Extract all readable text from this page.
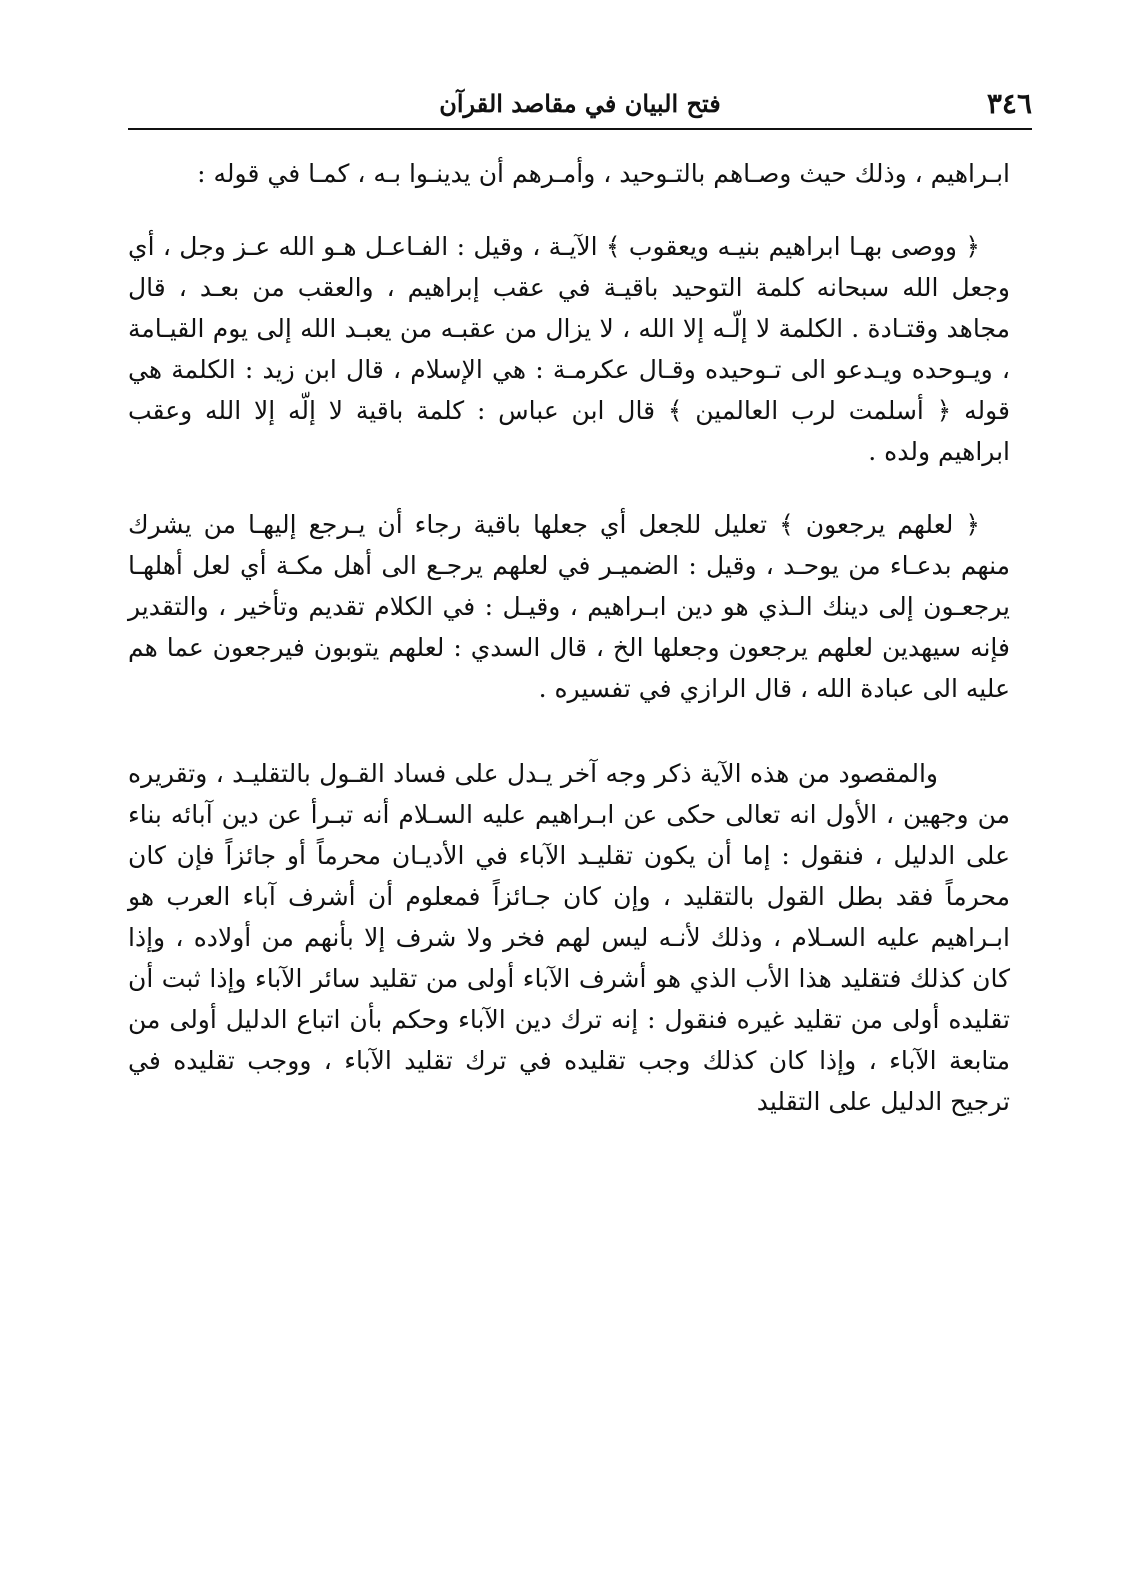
٣٤٦
فتح البيان في مقاصد القرآن

ابـراهيم ، وذلك حيث وصـاهم بالتـوحيد ، وأمـرهم أن يدينـوا بـه ، كمـا في قوله :

﴿ ووصى بهـا ابراهيم بنيـه ويعقوب ﴾ الآيـة ، وقيل : الفـاعـل هـو الله عـز وجل ، أي وجعل الله سبحانه كلمة التوحيد باقيـة في عقب إبراهيم ، والعقب من بعـد ، قال مجاهد وقتـادة . الكلمة لا إلّـه إلا الله ، لا يزال من عقبـه من يعبـد الله إلى يوم القيـامة ، ويـوحده ويـدعو الى تـوحيده وقـال عكرمـة : هي الإسلام ، قال ابن زيد : الكلمة هي قوله ﴿ أسلمت لرب العالمين ﴾ قال ابن عباس : كلمة باقية لا إلّه إلا الله وعقب ابراهيم ولده .

﴿ لعلهم يرجعون ﴾ تعليل للجعل أي جعلها باقية رجاء أن يـرجع إليهـا من يشرك منهم بدعـاء من يوحـد ، وقيل : الضميـر في لعلهم يرجـع الى أهل مكـة أي لعل أهلهـا يرجعـون إلى دينك الـذي هو دين ابـراهيم ، وقيـل : في الكلام تقديم وتأخير ، والتقدير فإنه سيهدين لعلهم يرجعون وجعلها الخ ، قال السدي : لعلهم يتوبون فيرجعون عما هم عليه الى عبادة الله ، قال الرازي في تفسيره .

والمقصود من هذه الآية ذكر وجه آخر يـدل على فساد القـول بالتقليـد ، وتقريره من وجهين ، الأول انه تعالى حكى عن ابـراهيم عليه السـلام أنه تبـرأ عن دين آبائه بناء على الدليل ، فنقول : إما أن يكون تقليـد الآباء في الأديـان محرماً أو جائزاً فإن كان محرماً فقد بطل القول بالتقليد ، وإن كان جـائزاً فمعلوم أن أشرف آباء العرب هو ابـراهيم عليه السـلام ، وذلك لأنـه ليس لهم فخر ولا شرف إلا بأنهم من أولاده ، وإذا كان كذلك فتقليد هذا الأب الذي هو أشرف الآباء أولى من تقليد سائر الآباء وإذا ثبت أن تقليده أولى من تقليد غيره فنقول : إنه ترك دين الآباء وحكم بأن اتباع الدليل أولى من متابعة الآباء ، وإذا كان كذلك وجب تقليده في ترك تقليد الآباء ، ووجب تقليده في ترجيح الدليل على التقليد
